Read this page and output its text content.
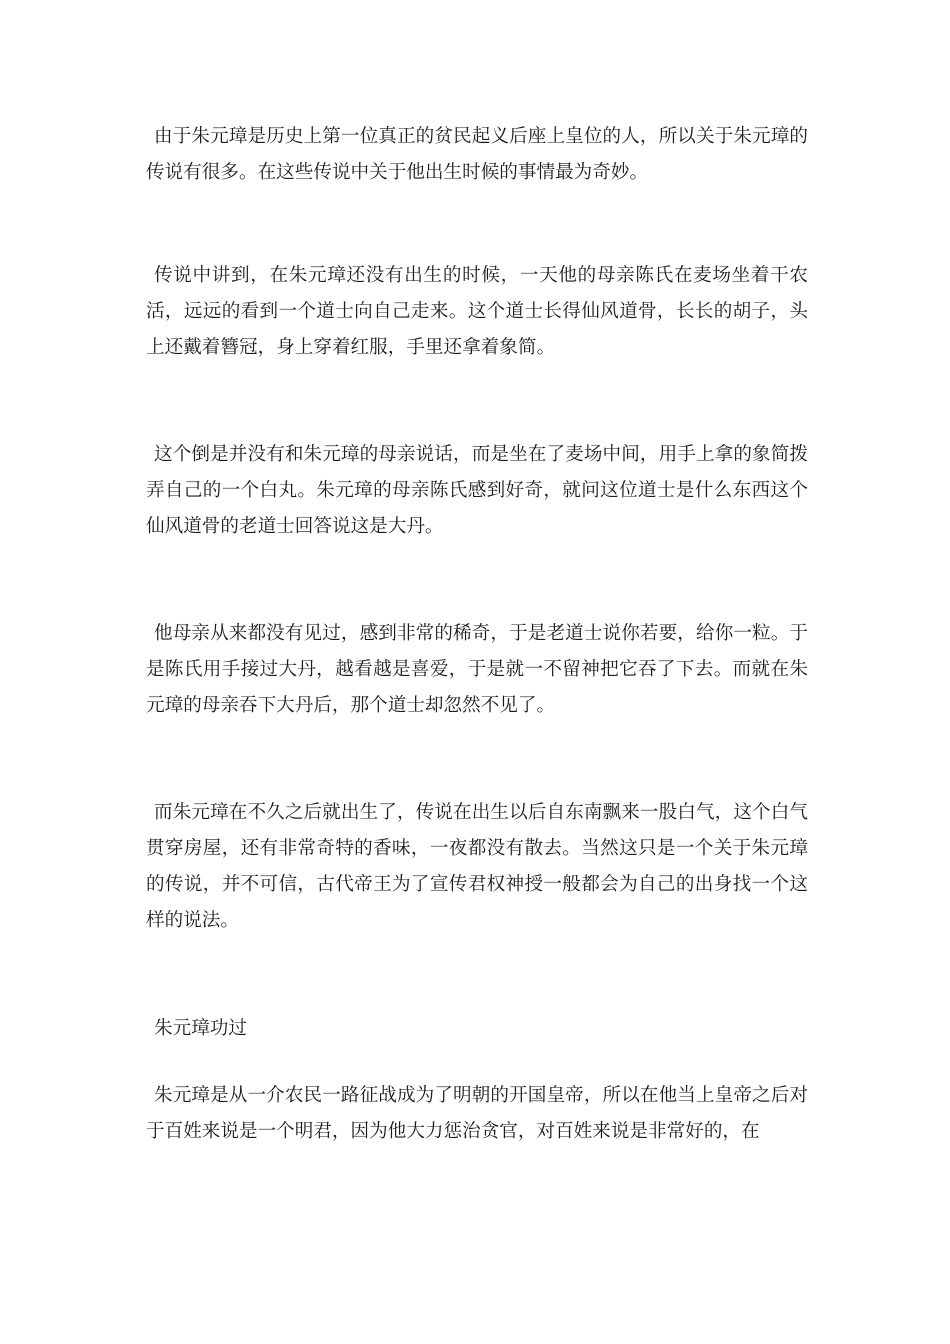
由于朱元璋是历史上第一位真正的贫民起义后座上皇位的人，所以关于朱元璋的传说有很多。在这些传说中关于他出生时候的事情最为奇妙。

传说中讲到，在朱元璋还没有出生的时候，一天他的母亲陈氏在麦场坐着干农活，远远的看到一个道士向自己走来。这个道士长得仙风道骨，长长的胡子，头上还戴着簪冠，身上穿着红服，手里还拿着象简。

这个倒是并没有和朱元璋的母亲说话，而是坐在了麦场中间，用手上拿的象简拨弄自己的一个白丸。朱元璋的母亲陈氏感到好奇，就问这位道士是什么东西这个仙风道骨的老道士回答说这是大丹。

他母亲从来都没有见过，感到非常的稀奇，于是老道士说你若要，给你一粒。于是陈氏用手接过大丹，越看越是喜爱，于是就一不留神把它吞了下去。而就在朱元璋的母亲吞下大丹后，那个道士却忽然不见了。

而朱元璋在不久之后就出生了，传说在出生以后自东南飘来一股白气，这个白气贯穿房屋，还有非常奇特的香味，一夜都没有散去。当然这只是一个关于朱元璋的传说，并不可信，古代帝王为了宣传君权神授一般都会为自己的出身找一个这样的说法。

朱元璋功过

朱元璋是从一介农民一路征战成为了明朝的开国皇帝，所以在他当上皇帝之后对于百姓来说是一个明君，因为他大力惩治贪官，对百姓来说是非常好的，在
